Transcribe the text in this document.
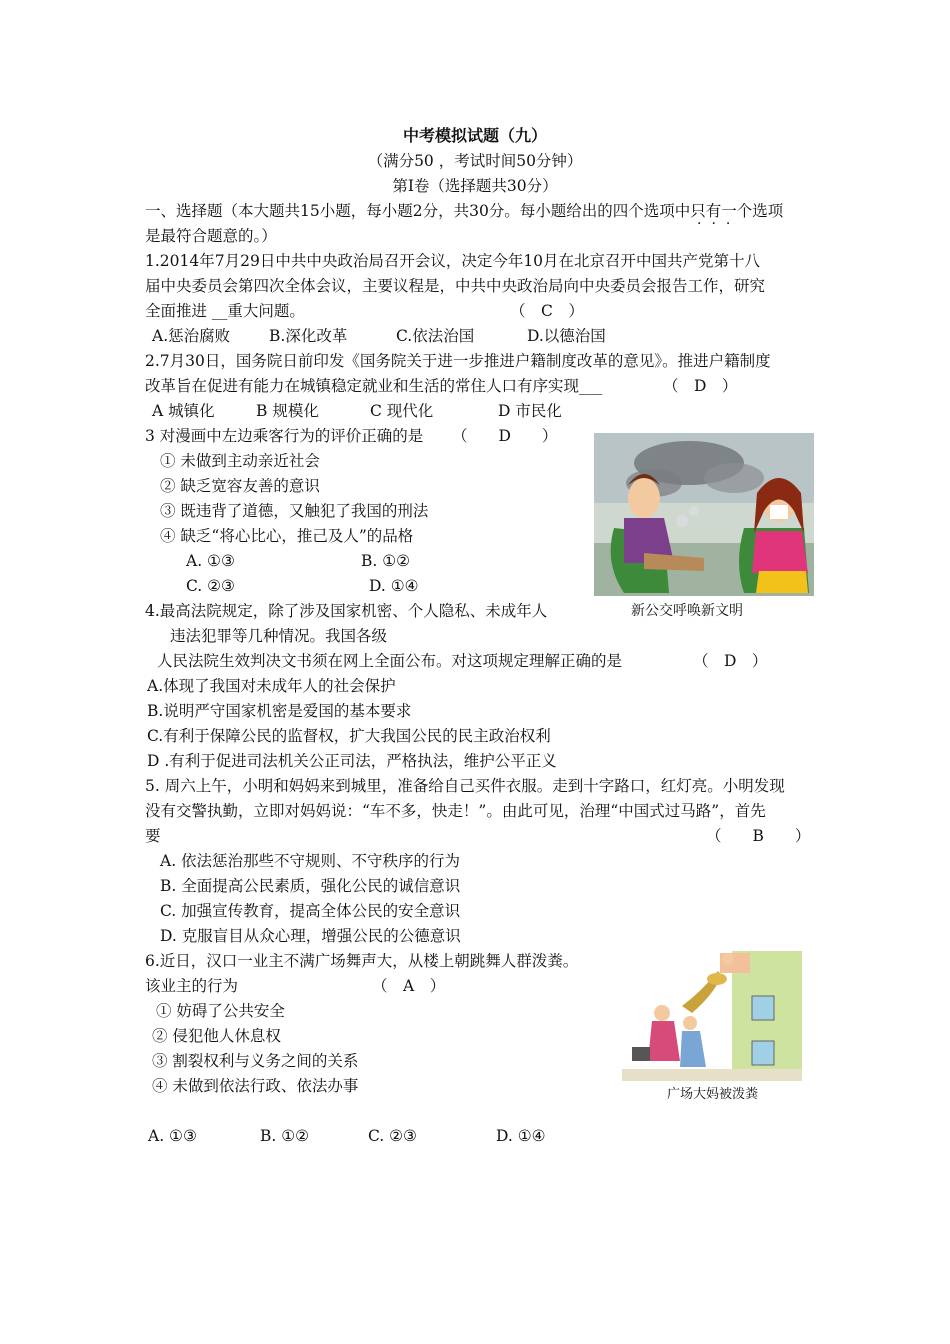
中考模拟试题（九）
（满分50 ，考试时间50分钟）
第Ⅰ卷（选择题共30分）
一、选择题（本大题共15小题，每小题2分，共30分。每小题给出的四个选项中只有一个选项
···
是最符合题意的。）
1.2014年7月29日中共中央政治局召开会议，决定今年10月在北京召开中国共产党第十八
届中央委员会第四次全体会议，主要议程是，中共中央政治局向中央委员会报告工作，研究
全面推进 __重大问题。	（　C　）
A.惩治腐败	B.深化改革	C.依法治国	D.以德治国
2.7月30日，国务院日前印发《国务院关于进一步推进户籍制度改革的意见》。推进户籍制度
改革旨在促进有能力在城镇稳定就业和生活的常住人口有序实现___	（　D　）
A 城镇化	B 规模化	C 现代化	D 市民化
3 对漫画中左边乘客行为的评价正确的是 （　　D　　）
① 未做到主动亲近社会
② 缺乏宽容友善的意识
③ 既违背了道德，又触犯了我国的刑法
④ 缺乏“将心比心，推己及人”的品格
A. ①③	B. ①②
C. ②③	D. ①④
新公交呼唤新文明
4.最高法院规定，除了涉及国家机密、个人隐私、未成年人
违法犯罪等几种情况。我国各级
人民法院生效判决文书须在网上全面公布。对这项规定理解正确的是	（　D　）
A.体现了我国对未成年人的社会保护
B.说明严守国家机密是爱国的基本要求
C.有利于保障公民的监督权，扩大我国公民的民主政治权利
D .有利于促进司法机关公正司法，严格执法，维护公平正义
5. 周六上午，小明和妈妈来到城里，准备给自己买件衣服。走到十字路口，红灯亮。小明发现
没有交警执勤，立即对妈妈说：“车不多，快走！”。由此可见，治理“中国式过马路”，首先
要	（　　B　　）
A. 依法惩治那些不守规则、不守秩序的行为
B. 全面提高公民素质，强化公民的诚信意识
C. 加强宣传教育，提高全体公民的安全意识
D. 克服盲目从众心理，增强公民的公德意识
6.近日，汉口一业主不满广场舞声大，从楼上朝跳舞人群泼粪。
该业主的行为	（　A　）
① 妨碍了公共安全
② 侵犯他人休息权
③ 割裂权利与义务之间的关系
④ 未做到依法行政、依法办事
A. ①③	B. ①②	C. ②③	D. ①④
广场大妈被泼粪
